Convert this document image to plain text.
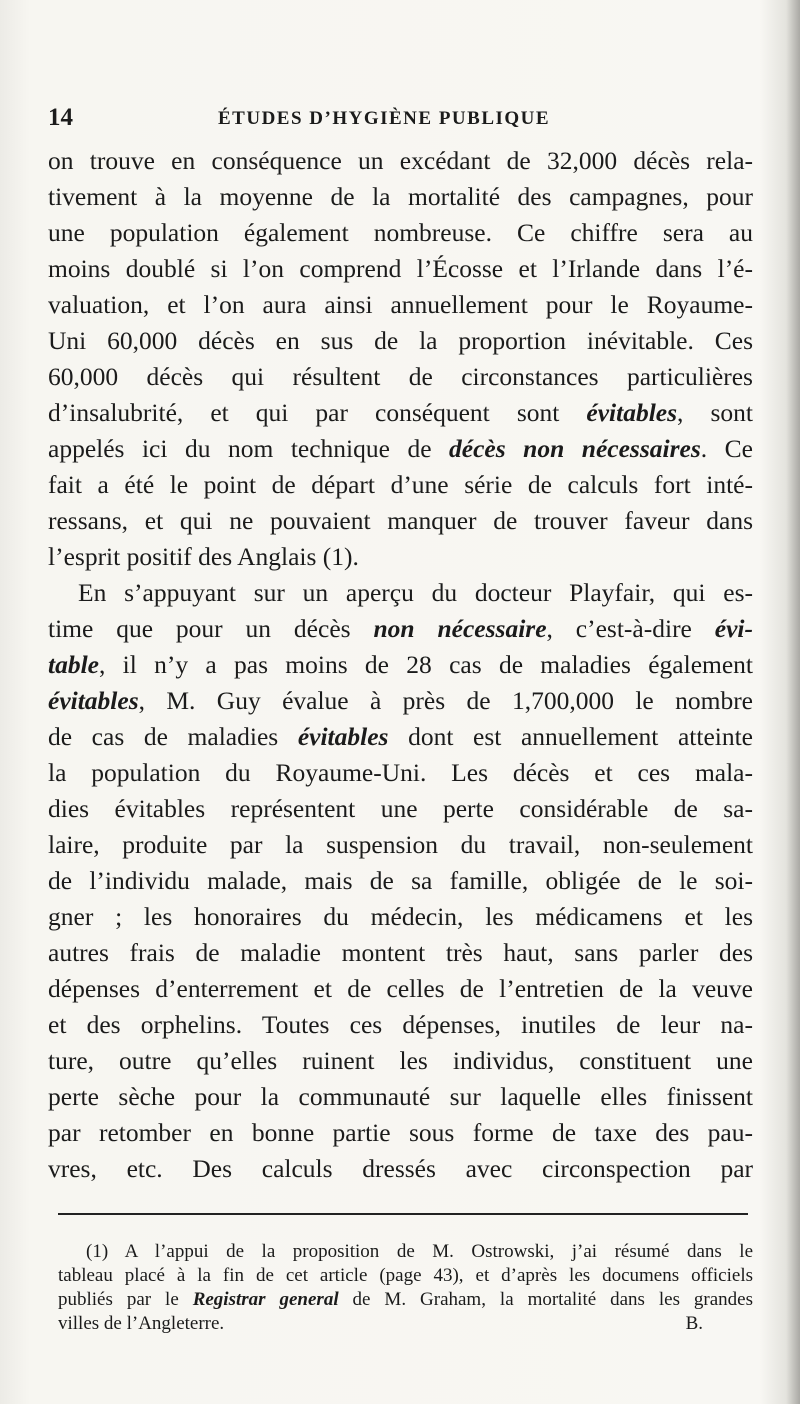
14	ÉTUDES D’HYGIÈNE PUBLIQUE
on trouve en conséquence un excédant de 32,000 décès rela-
tivement à la moyenne de la mortalité des campagnes, pour
une population également nombreuse. Ce chiffre sera au
moins doublé si l’on comprend l’Écosse et l’Irlande dans l’é-
valuation, et l’on aura ainsi annuellement pour le Royaume-
Uni 60,000 décès en sus de la proportion inévitable. Ces
60,000 décès qui résultent de circonstances particulières
d’insalubrité, et qui par conséquent sont évitables, sont
appelés ici du nom technique de décès non nécessaires. Ce
fait a été le point de départ d’une série de calculs fort inté-
ressans, et qui ne pouvaient manquer de trouver faveur dans
l’esprit positif des Anglais (1).
En s’appuyant sur un aperçu du docteur Playfair, qui es-
time que pour un décès non nécessaire, c’est-à-dire évi-
table, il n’y a pas moins de 28 cas de maladies également
évitables, M. Guy évalue à près de 1,700,000 le nombre
de cas de maladies évitables dont est annuellement atteinte
la population du Royaume-Uni. Les décès et ces mala-
dies évitables représentent une perte considérable de sa-
laire, produite par la suspension du travail, non-seulement
de l’individu malade, mais de sa famille, obligée de le soi-
gner ; les honoraires du médecin, les médicamens et les
autres frais de maladie montent très haut, sans parler des
dépenses d’enterrement et de celles de l’entretien de la veuve
et des orphelins. Toutes ces dépenses, inutiles de leur na-
ture, outre qu’elles ruinent les individus, constituent une
perte sèche pour la communauté sur laquelle elles finissent
par retomber en bonne partie sous forme de taxe des pau-
vres, etc. Des calculs dressés avec circonspection par
(1) A l’appui de la proposition de M. Ostrowski, j’ai résumé dans le
tableau placé à la fin de cet article (page 43), et d’après les documens officiels
publiés par le Registrar general de M. Graham, la mortalité dans les grandes
villes de l’Angleterre.	B.
